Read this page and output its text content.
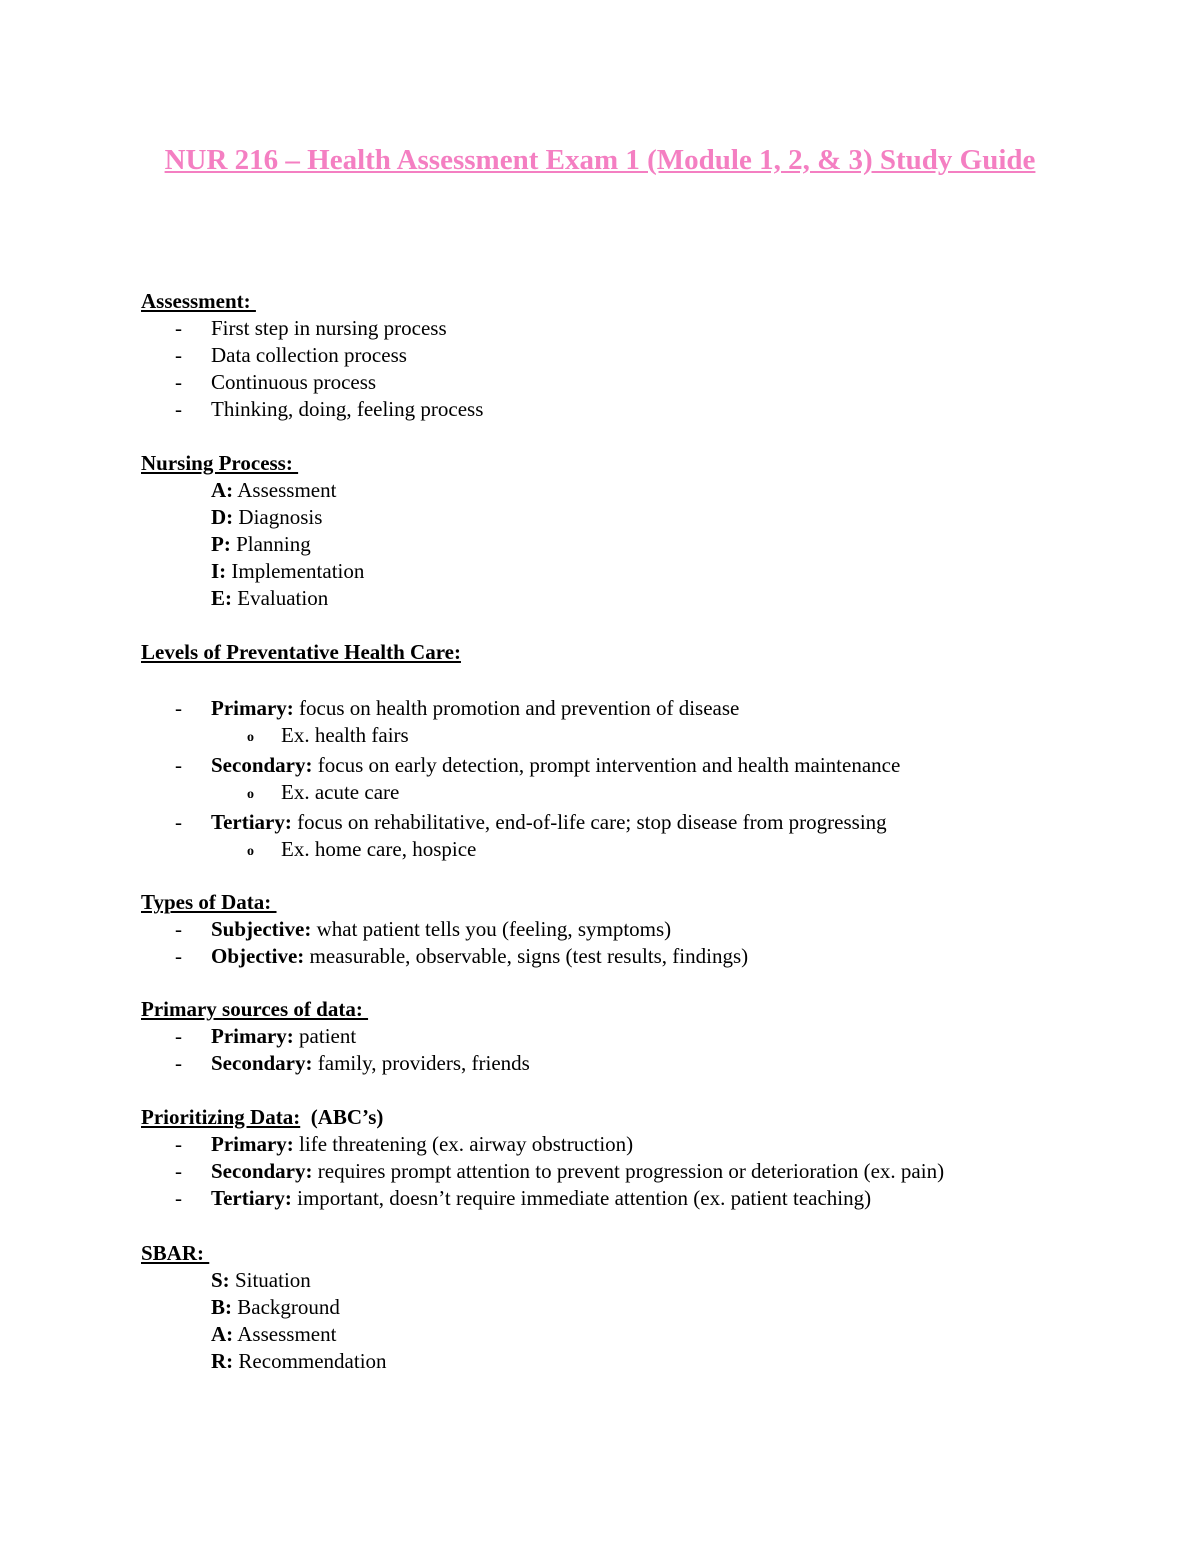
NUR 216 – Health Assessment Exam 1 (Module 1, 2, & 3) Study Guide
Assessment:
- First step in nursing process
- Data collection process
- Continuous process
- Thinking, doing, feeling process
Nursing Process:
A: Assessment
D: Diagnosis
P: Planning
I: Implementation
E: Evaluation
Levels of Preventative Health Care:
- Primary: focus on health promotion and prevention of disease
o Ex. health fairs
- Secondary: focus on early detection, prompt intervention and health maintenance
o Ex. acute care
- Tertiary: focus on rehabilitative, end-of-life care; stop disease from progressing
o Ex. home care, hospice
Types of Data:
- Subjective: what patient tells you (feeling, symptoms)
- Objective: measurable, observable, signs (test results, findings)
Primary sources of data:
- Primary: patient
- Secondary: family, providers, friends
Prioritizing Data:  (ABC’s)
- Primary: life threatening (ex. airway obstruction)
- Secondary: requires prompt attention to prevent progression or deterioration (ex. pain)
- Tertiary: important, doesn’t require immediate attention (ex. patient teaching)
SBAR:
S: Situation
B: Background
A: Assessment
R: Recommendation
